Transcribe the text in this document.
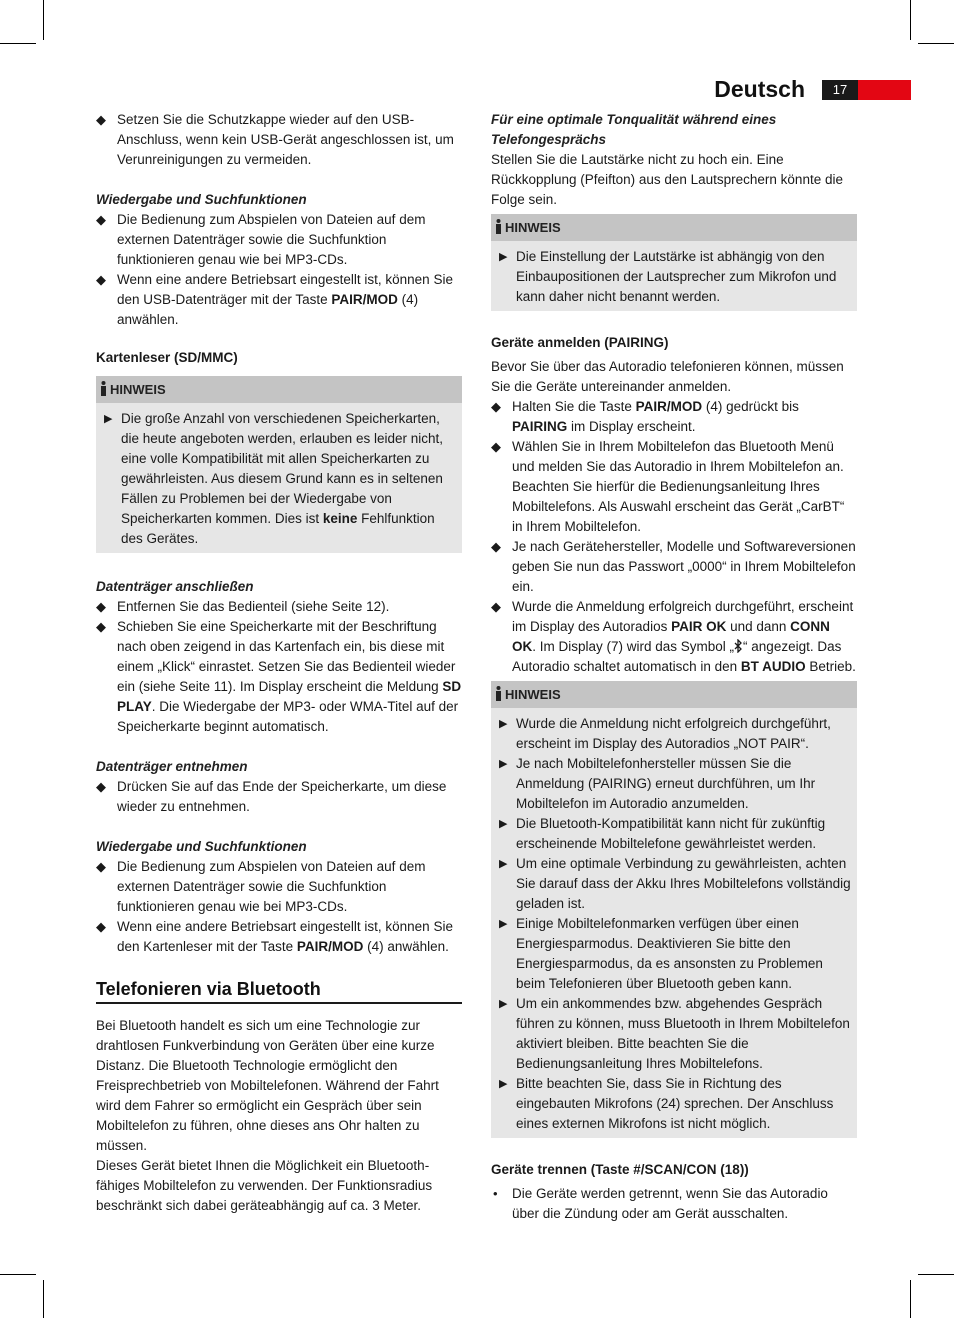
Deutsch	17
◆ Setzen Sie die Schutzkappe wieder auf den USB-Anschluss, wenn kein USB-Gerät angeschlossen ist, um Verunreinigungen zu vermeiden.

Wiedergabe und Suchfunktionen

◆ Die Bedienung zum Abspielen von Dateien auf dem externen Datenträger sowie die Suchfunktion funktionieren genau wie bei MP3-CDs.
◆ Wenn eine andere Betriebsart eingestellt ist, können Sie den USB-Datenträger mit der Taste PAIR/MOD (4) anwählen.

Kartenleser (SD/MMC)

HINWEIS
▶ Die große Anzahl von verschiedenen Speicherkarten, die heute angeboten werden, erlauben es leider nicht, eine volle Kompatibilität mit allen Speicherkarten zu gewährleisten. Aus diesem Grund kann es in seltenen Fällen zu Problemen bei der Wiedergabe von Speicherkarten kommen. Dies ist keine Fehlfunktion des Gerätes.

Datenträger anschließen

◆ Entfernen Sie das Bedienteil (siehe Seite 12).
◆ Schieben Sie eine Speicherkarte mit der Beschriftung nach oben zeigend in das Kartenfach ein, bis diese mit einem „Klick“ einrastet. Setzen Sie das Bedienteil wieder ein (siehe Seite 11). Im Display erscheint die Meldung SD PLAY. Die Wiedergabe der MP3- oder WMA-Titel auf der Speicherkarte beginnt automatisch.

Datenträger entnehmen

◆ Drücken Sie auf das Ende der Speicherkarte, um diese wieder zu entnehmen.

Wiedergabe und Suchfunktionen

◆ Die Bedienung zum Abspielen von Dateien auf dem externen Datenträger sowie die Suchfunktion funktionieren genau wie bei MP3-CDs.
◆ Wenn eine andere Betriebsart eingestellt ist, können Sie den Kartenleser mit der Taste PAIR/MOD (4) anwählen.
Telefonieren via Bluetooth

Bei Bluetooth handelt es sich um eine Technologie zur drahtlosen Funkverbindung von Geräten über eine kurze Distanz. Die Bluetooth Technologie ermöglicht den Freisprechbetrieb von Mobiltelefonen. Während der Fahrt wird dem Fahrer so ermöglicht ein Gespräch über sein Mobiltelefon zu führen, ohne dieses ans Ohr halten zu müssen.

Dieses Gerät bietet Ihnen die Möglichkeit ein Bluetooth-fähiges Mobiltelefon zu verwenden. Der Funktionsradius beschränkt sich dabei geräteabhängig auf ca. 3 Meter.

Für eine optimale Tonqualität während eines Telefongesprächs

Stellen Sie die Lautstärke nicht zu hoch ein. Eine Rückkopplung (Pfeifton) aus den Lautsprechern könnte die Folge sein.

HINWEIS
▶ Die Einstellung der Lautstärke ist abhängig von den Einbaupositionen der Lautsprecher zum Mikrofon und kann daher nicht benannt werden.

Geräte anmelden (PAIRING)

Bevor Sie über das Autoradio telefonieren können, müssen Sie die Geräte untereinander anmelden.

◆ Halten Sie die Taste PAIR/MOD (4) gedrückt bis PAIRING im Display erscheint.
◆ Wählen Sie in Ihrem Mobiltelefon das Bluetooth Menü und melden Sie das Autoradio in Ihrem Mobiltelefon an. Beachten Sie hierfür die Bedienungsanleitung Ihres Mobiltelefons. Als Auswahl erscheint das Gerät „CarBT“ in Ihrem Mobiltelefon.
◆ Je nach Gerätehersteller, Modelle und Softwareversionen geben Sie nun das Passwort „0000“ in Ihrem Mobiltelefon ein.
◆ Wurde die Anmeldung erfolgreich durchgeführt, erscheint im Display des Autoradios PAIR OK und dann CONN OK. Im Display (7) wird das Symbol „ “ angezeigt. Das Autoradio schaltet automatisch in den BT AUDIO Betrieb.
HINWEIS
▶ Wurde die Anmeldung nicht erfolgreich durchgeführt, erscheint im Display des Autoradios „NOT PAIR“.
▶ Je nach Mobiltelefonhersteller müssen Sie die Anmeldung (PAIRING) erneut durchführen, um Ihr Mobiltelefon im Autoradio anzumelden.
▶ Die Bluetooth-Kompatibilität kann nicht für zukünftig erscheinende Mobiltelefone gewährleistet werden.
▶ Um eine optimale Verbindung zu gewährleisten, achten Sie darauf dass der Akku Ihres Mobiltelefons vollständig geladen ist.
▶ Einige Mobiltelefonmarken verfügen über einen Energiesparmodus. Deaktivieren Sie bitte den Energiesparmodus, da es ansonsten zu Problemen beim Telefonieren über Bluetooth geben kann.
▶ Um ein ankommendes bzw. abgehendes Gespräch führen zu können, muss Bluetooth in Ihrem Mobiltelefon aktiviert bleiben. Bitte beachten Sie die Bedienungsanleitung Ihres Mobiltelefons.
▶ Bitte beachten Sie, dass Sie in Richtung des eingebauten Mikrofons (24) sprechen. Der Anschluss eines externen Mikrofons ist nicht möglich.

Geräte trennen (Taste #/SCAN/CON (18))

• Die Geräte werden getrennt, wenn Sie das Autoradio über die Zündung oder am Gerät ausschalten.
